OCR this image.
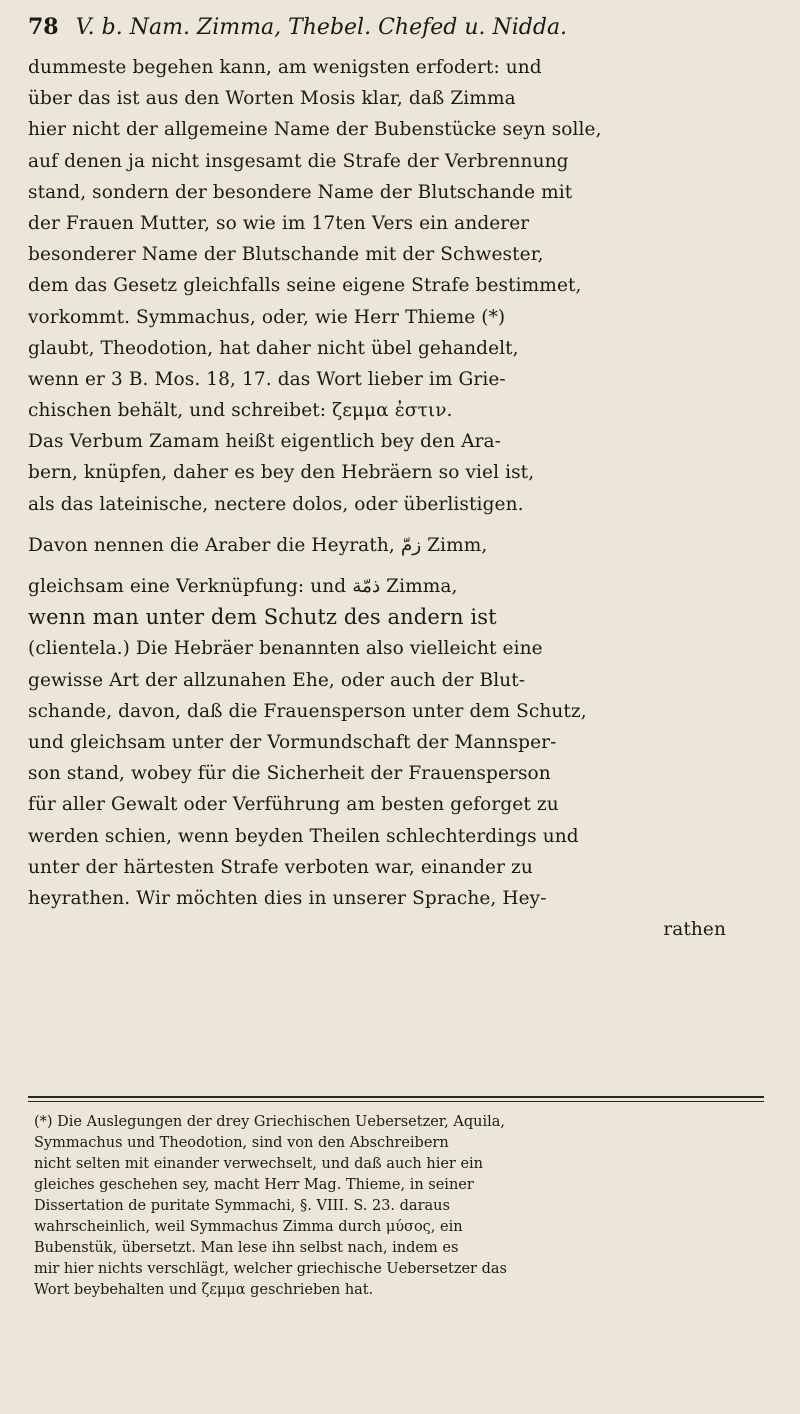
78 V. b. Nam. Zimma, Thebel. Chefed u. Nidda.
dummeste begehen kann, am wenigsten erfodert: und
über das ist aus den Worten Mosis klar, daß Zimma
hier nicht der allgemeine Name der Bubenstücke seyn solle,
auf denen ja nicht insgesamt die Strafe der Verbrennung
stand, sondern der besondere Name der Blutschande mit
der Frauen Mutter, so wie im 17ten Vers ein anderer
besonderer Name der Blutschande mit der Schwester,
dem das Gesetz gleichfalls seine eigene Strafe bestimmet,
vorkommt. Symmachus, oder, wie Herr Thieme (*)
glaubt, Theodotion, hat daher nicht übel gehandelt,
wenn er 3 B. Mos. 18, 17. das Wort lieber im Grie-
chischen behält, und schreibet: ζεμμα ἐστιν.
Das Verbum Zamam heißt eigentlich bey den Ara-
bern, knüpfen, daher es bey den Hebräern so viel ist,
als das lateinische, nectere dolos, oder überlistigen.
Davon nennen die Araber die Heyrath, زمّ Zimm,
gleichsam eine Verknüpfung: und ذمّة Zimma,
wenn man unter dem Schutz des andern ist
(clientela.) Die Hebräer benannten also vielleicht eine
gewisse Art der allzunahen Ehe, oder auch der Blut-
schande, davon, daß die Frauensperson unter dem Schutz,
und gleichsam unter der Vormundschaft der Mannsper-
son stand, wobey für die Sicherheit der Frauensperson
für aller Gewalt oder Verführung am besten geforget zu
werden schien, wenn beyden Theilen schlechterdings und
unter der härtesten Strafe verboten war, einander zu
heyrathen. Wir möchten dies in unserer Sprache, Hey-
rathen
(*) Die Auslegungen der drey Griechischen Uebersetzer, Aquila,
Symmachus und Theodotion, sind von den Abschreibern
nicht selten mit einander verwechselt, und daß auch hier ein
gleiches geschehen sey, macht Herr Mag. Thieme, in seiner
Dissertation de puritate Symmachi, §. VIII. S. 23. daraus
wahrscheinlich, weil Symmachus Zimma durch μύσος, ein
Bubenstük, übersetzt. Man lese ihn selbst nach, indem es
mir hier nichts verschlägt, welcher griechische Uebersetzer das
Wort beybehalten und ζεμμα geschrieben hat.
